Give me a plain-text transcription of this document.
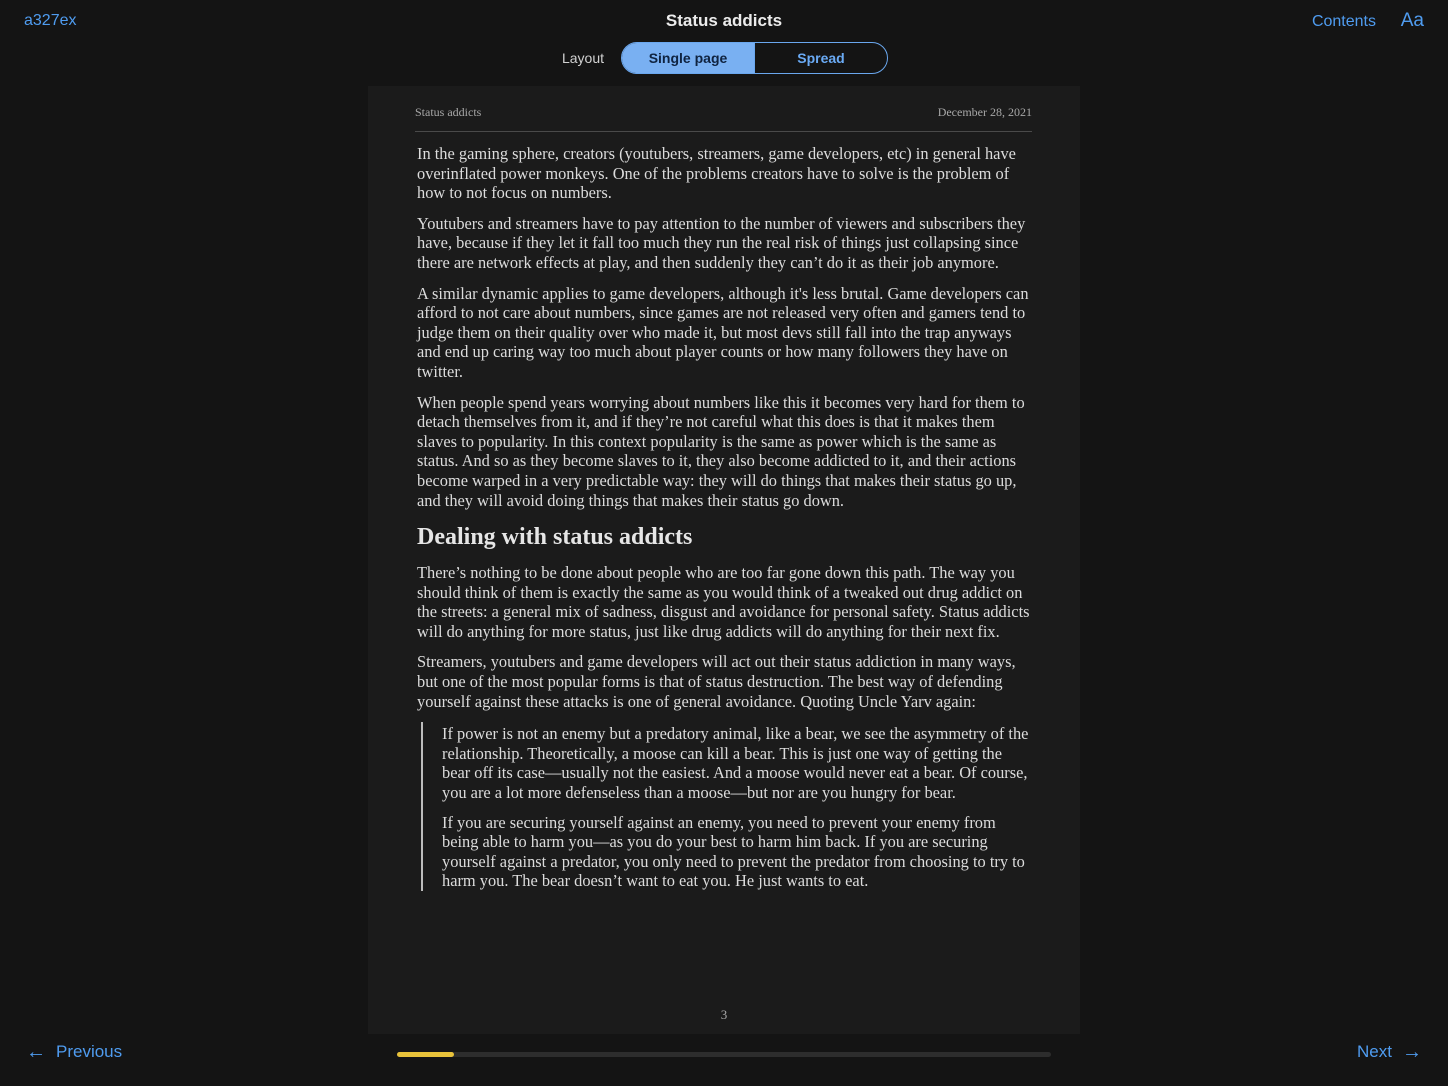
a327ex	Status addicts	Contents Aa
Layout	Single page	Spread
Status addicts	December 28, 2021

In the gaming sphere, creators (youtubers, streamers, game developers, etc) in general have overinflated power monkeys. One of the problems creators have to solve is the problem of how to not focus on numbers.

Youtubers and streamers have to pay attention to the number of viewers and subscribers they have, because if they let it fall too much they run the real risk of things just collapsing since there are network effects at play, and then suddenly they can’t do it as their job anymore.

A similar dynamic applies to game developers, although it's less brutal. Game developers can afford to not care about numbers, since games are not released very often and gamers tend to judge them on their quality over who made it, but most devs still fall into the trap anyways and end up caring way too much about player counts or how many followers they have on twitter.

When people spend years worrying about numbers like this it becomes very hard for them to detach themselves from it, and if they’re not careful what this does is that it makes them slaves to popularity. In this context popularity is the same as power which is the same as status. And so as they become slaves to it, they also become addicted to it, and their actions become warped in a very predictable way: they will do things that makes their status go up, and they will avoid doing things that makes their status go down.

Dealing with status addicts

There’s nothing to be done about people who are too far gone down this path. The way you should think of them is exactly the same as you would think of a tweaked out drug addict on the streets: a general mix of sadness, disgust and avoidance for personal safety. Status addicts will do anything for more status, just like drug addicts will do anything for their next fix.

Streamers, youtubers and game developers will act out their status addiction in many ways, but one of the most popular forms is that of status destruction. The best way of defending yourself against these attacks is one of general avoidance. Quoting Uncle Yarv again:

If power is not an enemy but a predatory animal, like a bear, we see the asymmetry of the relationship. Theoretically, a moose can kill a bear. This is just one way of getting the bear off its case—usually not the easiest. And a moose would never eat a bear. Of course, you are a lot more defenseless than a moose—but nor are you hungry for bear.

If you are securing yourself against an enemy, you need to prevent your enemy from being able to harm you—as you do your best to harm him back. If you are securing yourself against a predator, you only need to prevent the predator from choosing to try to harm you. The bear doesn’t want to eat you. He just wants to eat.

3
← Previous	Next →
